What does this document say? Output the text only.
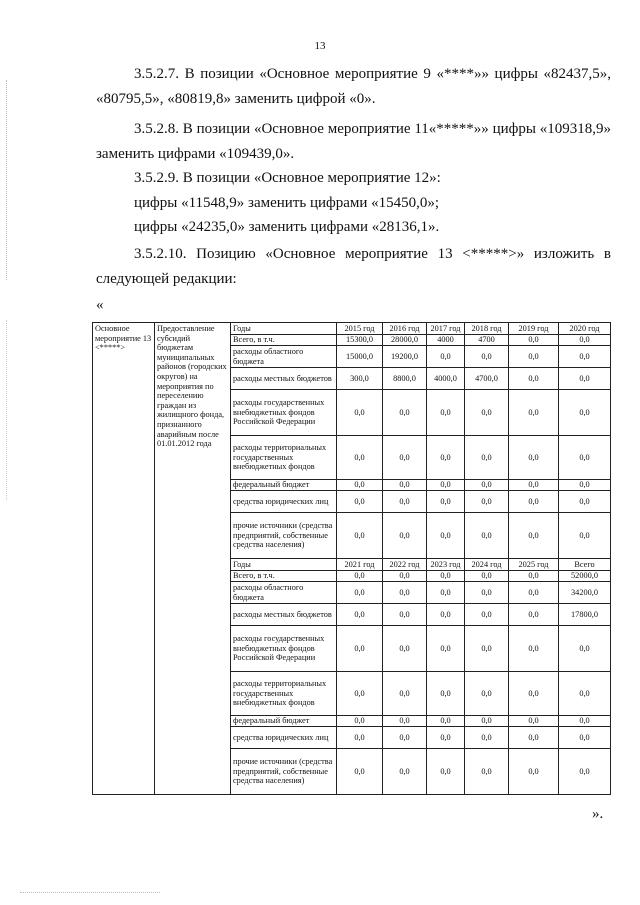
13
3.5.2.7. В позиции «Основное мероприятие 9 «****»» цифры «82437,5»,
«80795,5», «80819,8» заменить цифрой «0».
3.5.2.8. В позиции «Основное мероприятие 11«*****»» цифры «109318,9»
заменить цифрами «109439,0».
3.5.2.9. В позиции «Основное мероприятие 12»:
цифры «11548,9» заменить цифрами «15450,0»;
цифры «24235,0» заменить цифрами «28136,1».
3.5.2.10. Позицию «Основное мероприятие 13 <*****>» изложить в
следующей редакции:
«
Основное мероприятие 13 <*****>	Предоставление субсидий бюджетам муниципальных районов (городских округов) на мероприятия по переселению граждан из жилищного фонда, признанного аварийным после 01.01.2012 года	Годы	2015 год	2016 год	2017 год	2018 год	2019 год	2020 год
		Всего, в т.ч.	15300,0	28000,0	4000	4700	0,0	0,0
		расходы областного бюджета	15000,0	19200,0	0,0	0,0	0,0	0,0
		расходы местных бюджетов	300,0	8800,0	4000,0	4700,0	0,0	0,0
		расходы государственных внебюджетных фондов Российской Федерации	0,0	0,0	0,0	0,0	0,0	0,0
		расходы территориальных государственных внебюджетных фондов	0,0	0,0	0,0	0,0	0,0	0,0
		федеральный бюджет	0,0	0,0	0,0	0,0	0,0	0,0
		средства юридических лиц	0,0	0,0	0,0	0,0	0,0	0,0
		прочие источники (средства предприятий, собственные средства населения)	0,0	0,0	0,0	0,0	0,0	0,0
		Годы	2021 год	2022 год	2023 год	2024 год	2025 год	Всего
		Всего, в т.ч.	0,0	0,0	0,0	0,0	0,0	52000,0
		расходы областного бюджета	0,0	0,0	0,0	0,0	0,0	34200,0
		расходы местных бюджетов	0,0	0,0	0,0	0,0	0,0	17800,0
		расходы государственных внебюджетных фондов Российской Федерации	0,0	0,0	0,0	0,0	0,0	0,0
		расходы территориальных государственных внебюджетных фондов	0,0	0,0	0,0	0,0	0,0	0,0
		федеральный бюджет	0,0	0,0	0,0	0,0	0,0	0,0
		средства юридических лиц	0,0	0,0	0,0	0,0	0,0	0,0
		прочие источники (средства предприятий, собственные средства населения)	0,0	0,0	0,0	0,0	0,0	0,0
».
